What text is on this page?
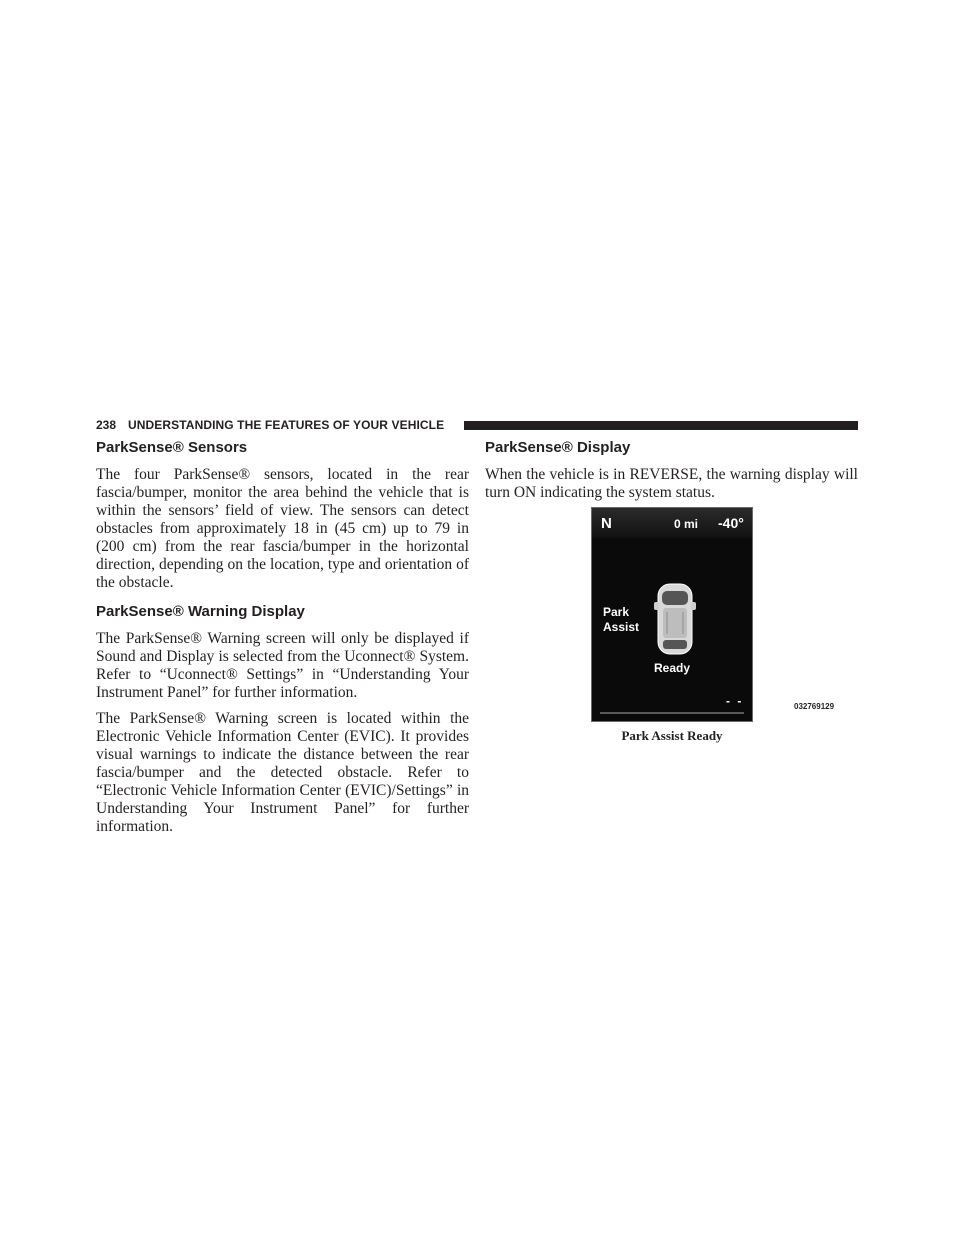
238 UNDERSTANDING THE FEATURES OF YOUR VEHICLE
ParkSense® Sensors

The four ParkSense® sensors, located in the rear fascia/bumper, monitor the area behind the vehicle that is within the sensors’ field of view. The sensors can detect obstacles from approximately 18 in (45 cm) up to 79 in (200 cm) from the rear fascia/bumper in the horizontal direction, depending on the location, type and orientation of the obstacle.

ParkSense® Warning Display

The ParkSense® Warning screen will only be displayed if Sound and Display is selected from the Uconnect® System. Refer to “Uconnect® Settings” in “Understanding Your Instrument Panel” for further information.

The ParkSense® Warning screen is located within the Electronic Vehicle Information Center (EVIC). It provides visual warnings to indicate the distance between the rear fascia/bumper and the detected obstacle. Refer to “Electronic Vehicle Information Center (EVIC)/Settings” in Understanding Your Instrument Panel” for further information.

ParkSense® Display

When the vehicle is in REVERSE, the warning display will turn ON indicating the system status.

N	0 mi -40°
Park
Assist
Ready
- -	032769129
Park Assist Ready
